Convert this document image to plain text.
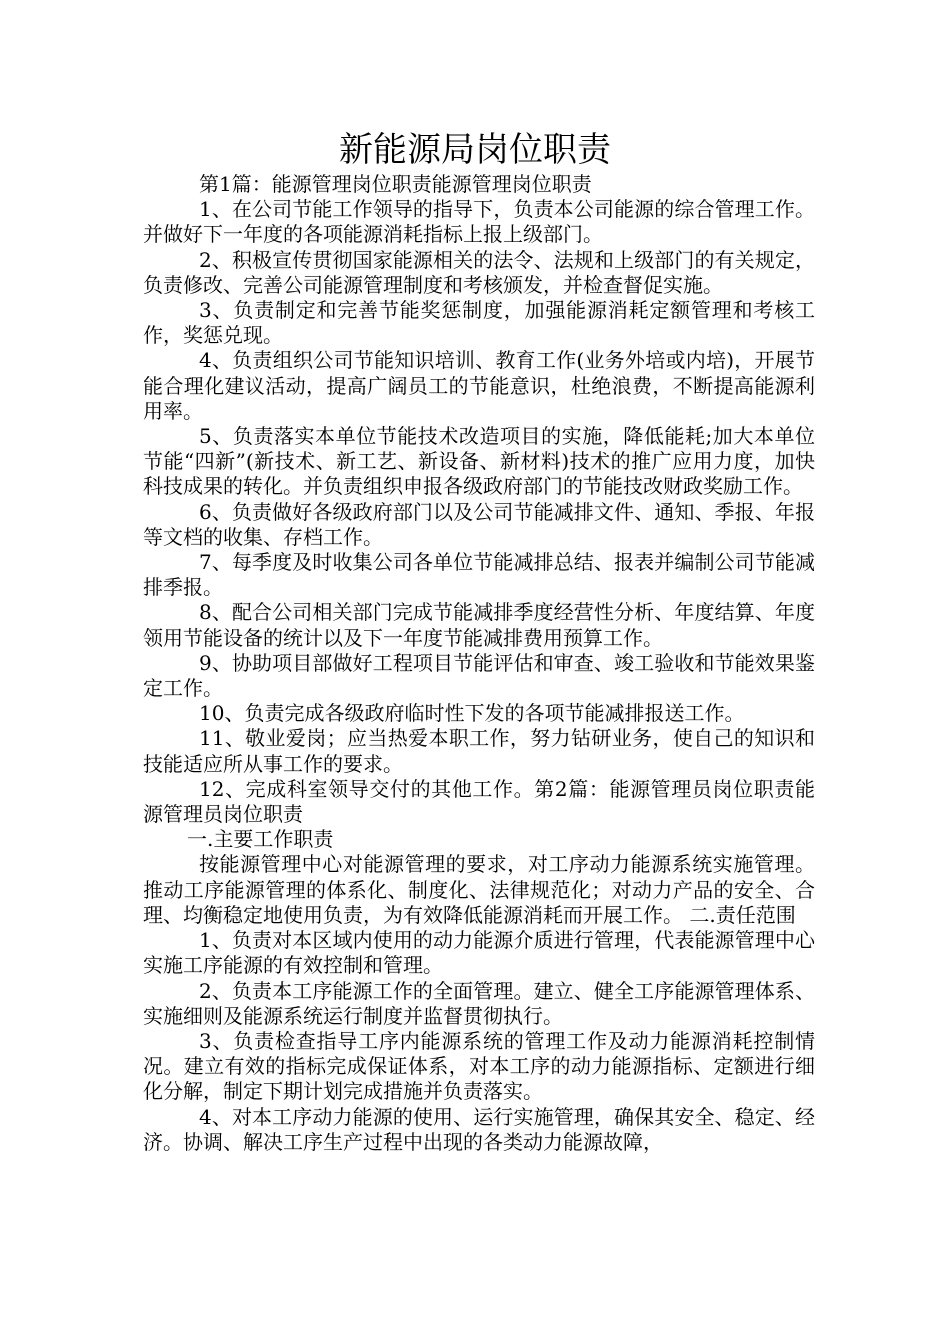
新能源局岗位职责

第1篇：能源管理岗位职责能源管理岗位职责

1、在公司节能工作领导的指导下，负责本公司能源的综合管理工作。并做好下一年度的各项能源消耗指标上报上级部门。

2、积极宣传贯彻国家能源相关的法令、法规和上级部门的有关规定，负责修改、完善公司能源管理制度和考核颁发，并检查督促实施。

3、负责制定和完善节能奖惩制度，加强能源消耗定额管理和考核工作，奖惩兑现。

4、负责组织公司节能知识培训、教育工作(业务外培或内培)，开展节能合理化建议活动，提高广阔员工的节能意识，杜绝浪费，不断提高能源利用率。

5、负责落实本单位节能技术改造项目的实施，降低能耗;加大本单位节能“四新”(新技术、新工艺、新设备、新材料)技术的推广应用力度，加快科技成果的转化。并负责组织申报各级政府部门的节能技改财政奖励工作。

6、负责做好各级政府部门以及公司节能减排文件、通知、季报、年报等文档的收集、存档工作。

7、每季度及时收集公司各单位节能减排总结、报表并编制公司节能减排季报。

8、配合公司相关部门完成节能减排季度经营性分析、年度结算、年度领用节能设备的统计以及下一年度节能减排费用预算工作。

9、协助项目部做好工程项目节能评估和审查、竣工验收和节能效果鉴定工作。

10、负责完成各级政府临时性下发的各项节能减排报送工作。

11、敬业爱岗；应当热爱本职工作，努力钻研业务，使自己的知识和技能适应所从事工作的要求。

12、完成科室领导交付的其他工作。第2篇：能源管理员岗位职责能源管理员岗位职责

一.主要工作职责

按能源管理中心对能源管理的要求，对工序动力能源系统实施管理。推动工序能源管理的体系化、制度化、法律规范化；对动力产品的安全、合理、均衡稳定地使用负责，为有效降低能源消耗而开展工作。 二.责任范围

1、负责对本区域内使用的动力能源介质进行管理，代表能源管理中心实施工序能源的有效控制和管理。

2、负责本工序能源工作的全面管理。建立、健全工序能源管理体系、实施细则及能源系统运行制度并监督贯彻执行。

3、负责检查指导工序内能源系统的管理工作及动力能源消耗控制情况。建立有效的指标完成保证体系，对本工序的动力能源指标、定额进行细化分解，制定下期计划完成措施并负责落实。

4、对本工序动力能源的使用、运行实施管理，确保其安全、稳定、经济。协调、解决工序生产过程中出现的各类动力能源故障，
